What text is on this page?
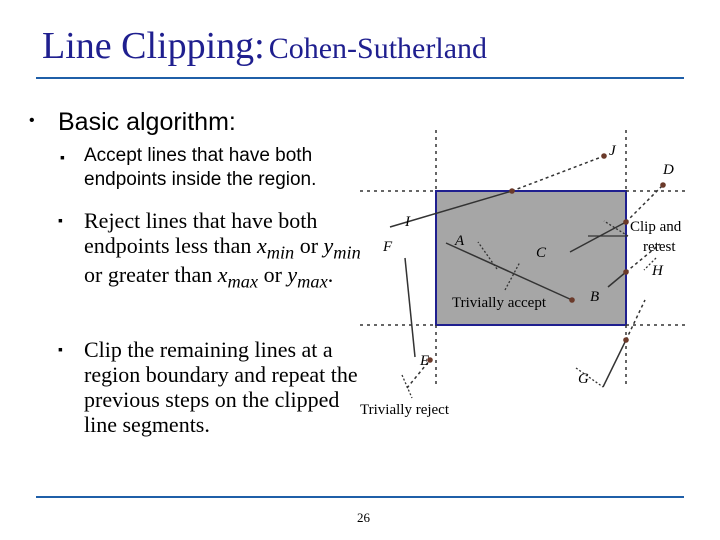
Line Clipping: Cohen-Sutherland
• Basic algorithm:
▪ Accept lines that have both endpoints inside the region.
▪ Reject lines that have both endpoints less than $x_{min}$ or $y_{min}$ or greater than $x_{max}$ or $y_{max}$.
▪ Clip the remaining lines at a region boundary and repeat the previous steps on the clipped line segments.
J
D
I
F	A
C
B
H
E
G
Clip and
retest
Trivially accept
Trivially reject
26
